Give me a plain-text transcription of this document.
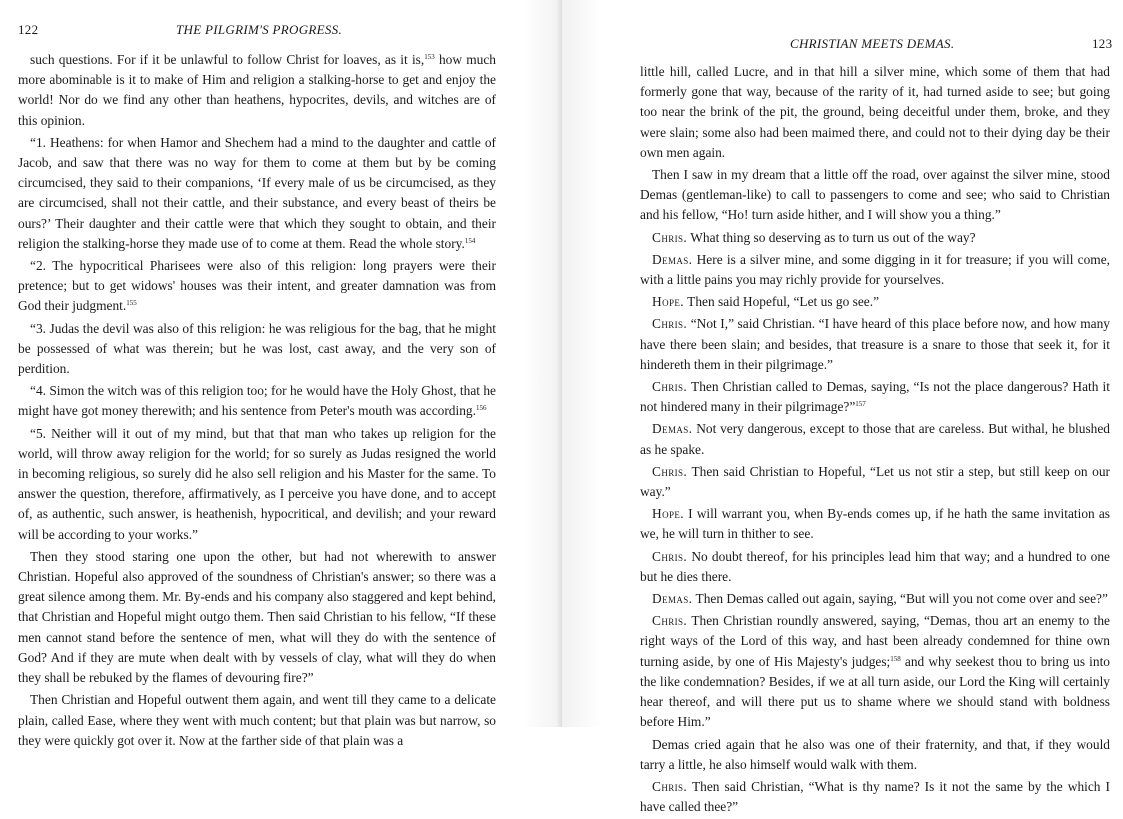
122	THE PILGRIM'S PROGRESS.

such questions. For if it be unlawful to follow Christ for loaves, as it is,$^{153}$ how much more abominable is it to make of Him and religion a stalking-horse to get and enjoy the world! Nor do we find any other than heathens, hypocrites, devils, and witches are of this opinion.

“1. Heathens: for when Hamor and Shechem had a mind to the daughter and cattle of Jacob, and saw that there was no way for them to come at them but by be coming circumcised, they said to their companions, ‘If every male of us be circumcised, as they are circumcised, shall not their cattle, and their substance, and every beast of theirs be ours?’ Their daughter and their cattle were that which they sought to obtain, and their religion the stalking-horse they made use of to come at them. Read the whole story.$^{154}$

“2. The hypocritical Pharisees were also of this religion: long prayers were their pretence; but to get widows' houses was their intent, and greater damnation was from God their judgment.$^{155}$

“3. Judas the devil was also of this religion: he was religious for the bag, that he might be possessed of what was therein; but he was lost, cast away, and the very son of perdition.

“4. Simon the witch was of this religion too; for he would have the Holy Ghost, that he might have got money therewith; and his sentence from Peter's mouth was according.$^{156}$

“5. Neither will it out of my mind, but that that man who takes up religion for the world, will throw away religion for the world; for so surely as Judas resigned the world in becoming religious, so surely did he also sell religion and his Master for the same. To answer the question, therefore, affirmatively, as I perceive you have done, and to accept of, as authentic, such answer, is heathenish, hypocritical, and devilish; and your reward will be according to your works.”

Then they stood staring one upon the other, but had not wherewith to answer Christian. Hopeful also approved of the soundness of Christian's answer; so there was a great silence among them. Mr. By-ends and his company also staggered and kept behind, that Christian and Hopeful might outgo them. Then said Christian to his fellow, “If these men cannot stand before the sentence of men, what will they do with the sentence of God? And if they are mute when dealt with by vessels of clay, what will they do when they shall be rebuked by the flames of devouring fire?”

Then Christian and Hopeful outwent them again, and went till they came to a delicate plain, called Ease, where they went with much content; but that plain was but narrow, so they were quickly got over it. Now at the farther side of that plain was a

CHRISTIAN MEETS DEMAS.	123

little hill, called Lucre, and in that hill a silver mine, which some of them that had formerly gone that way, because of the rarity of it, had turned aside to see; but going too near the brink of the pit, the ground, being deceitful under them, broke, and they were slain; some also had been maimed there, and could not to their dying day be their own men again.

Then I saw in my dream that a little off the road, over against the silver mine, stood Demas (gentleman-like) to call to passengers to come and see; who said to Christian and his fellow, “Ho! turn aside hither, and I will show you a thing.”

Chris. What thing so deserving as to turn us out of the way?

Demas. Here is a silver mine, and some digging in it for treasure; if you will come, with a little pains you may richly provide for yourselves.

Hope. Then said Hopeful, “Let us go see.”

Chris. “Not I,” said Christian. “I have heard of this place before now, and how many have there been slain; and besides, that treasure is a snare to those that seek it, for it hindereth them in their pilgrimage.”

Chris. Then Christian called to Demas, saying, “Is not the place dangerous? Hath it not hindered many in their pilgrimage?”$^{157}$

Demas. Not very dangerous, except to those that are careless. But withal, he blushed as he spake.

Chris. Then said Christian to Hopeful, “Let us not stir a step, but still keep on our way.”

Hope. I will warrant you, when By-ends comes up, if he hath the same invitation as we, he will turn in thither to see.

Chris. No doubt thereof, for his principles lead him that way; and a hundred to one but he dies there.

Demas. Then Demas called out again, saying, “But will you not come over and see?”

Chris. Then Christian roundly answered, saying, “Demas, thou art an enemy to the right ways of the Lord of this way, and hast been already condemned for thine own turning aside, by one of His Majesty's judges;$^{158}$ and why seekest thou to bring us into the like condemnation? Besides, if we at all turn aside, our Lord the King will certainly hear thereof, and will there put us to shame where we should stand with boldness before Him.”

Demas cried again that he also was one of their fraternity, and that, if they would tarry a little, he also himself would walk with them.

Chris. Then said Christian, “What is thy name? Is it not the same by the which I have called thee?”
